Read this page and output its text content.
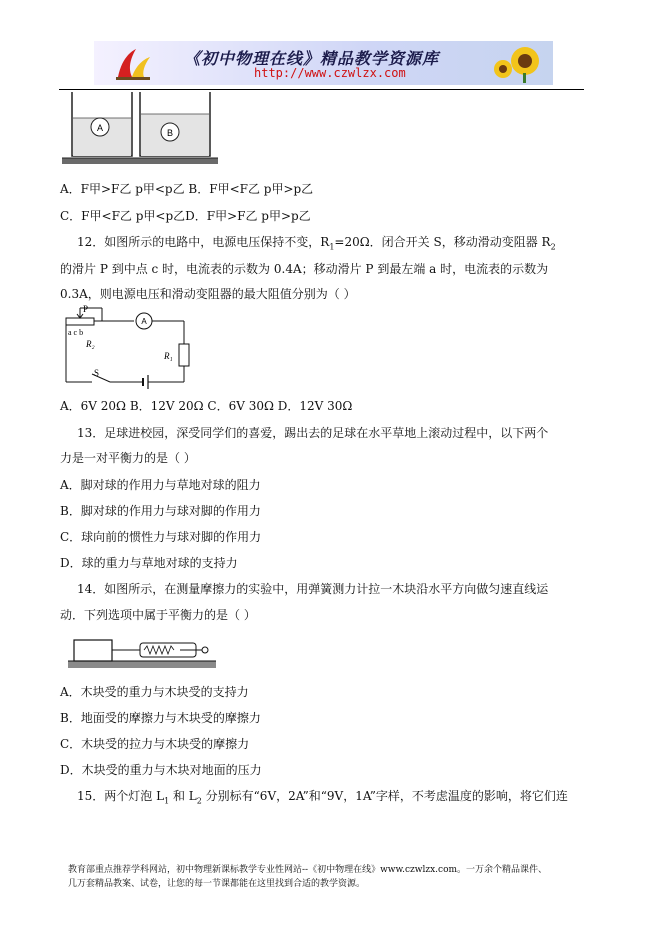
《初中物理在线》精品教学资源库
http://www.czwlzx.com
A	B
甲	乙
A．F甲>F乙 p甲<p乙 B．F甲<F乙 p甲>p乙
C．F甲<F乙 p甲<p乙D．F甲>F乙 p甲>p乙
12．如图所示的电路中，电源电压保持不变，$R_1=20\Omega$．闭合开关 S，移动滑动变阻器 $R_2$
的滑片 P 到中点 c 时，电流表的示数为 0.4A；移动滑片 P 到最左端 a 时，电流表的示数为
0.3A，则电源电压和滑动变阻器的最大阻值分别为（ ）
P
a c b
R₂
A
R₁
S
A．6V 20Ω B．12V 20Ω C．6V 30Ω D．12V 30Ω
13．足球进校园，深受同学们的喜爱，踢出去的足球在水平草地上滚动过程中，以下两个
力是一对平衡力的是（ ）
A．脚对球的作用力与草地对球的阻力
B．脚对球的作用力与球对脚的作用力
C．球向前的惯性力与球对脚的作用力
D．球的重力与草地对球的支持力
14．如图所示，在测量摩擦力的实验中，用弹簧测力计拉一木块沿水平方向做匀速直线运
动．下列选项中属于平衡力的是（ ）
A．木块受的重力与木块受的支持力
B．地面受的摩擦力与木块受的摩擦力
C．木块受的拉力与木块受的摩擦力
D．木块受的重力与木块对地面的压力
15．两个灯泡 $L_1$ 和 $L_2$ 分别标有“6V，2A”和“9V，1A”字样，不考虑温度的影响，将它们连
教育部重点推荐学科网站，初中物理新课标教学专业性网站--《初中物理在线》www.czwlzx.com。一万余个精品课件、
几万套精品教案、试卷，让您的每一节课都能在这里找到合适的教学资源。
